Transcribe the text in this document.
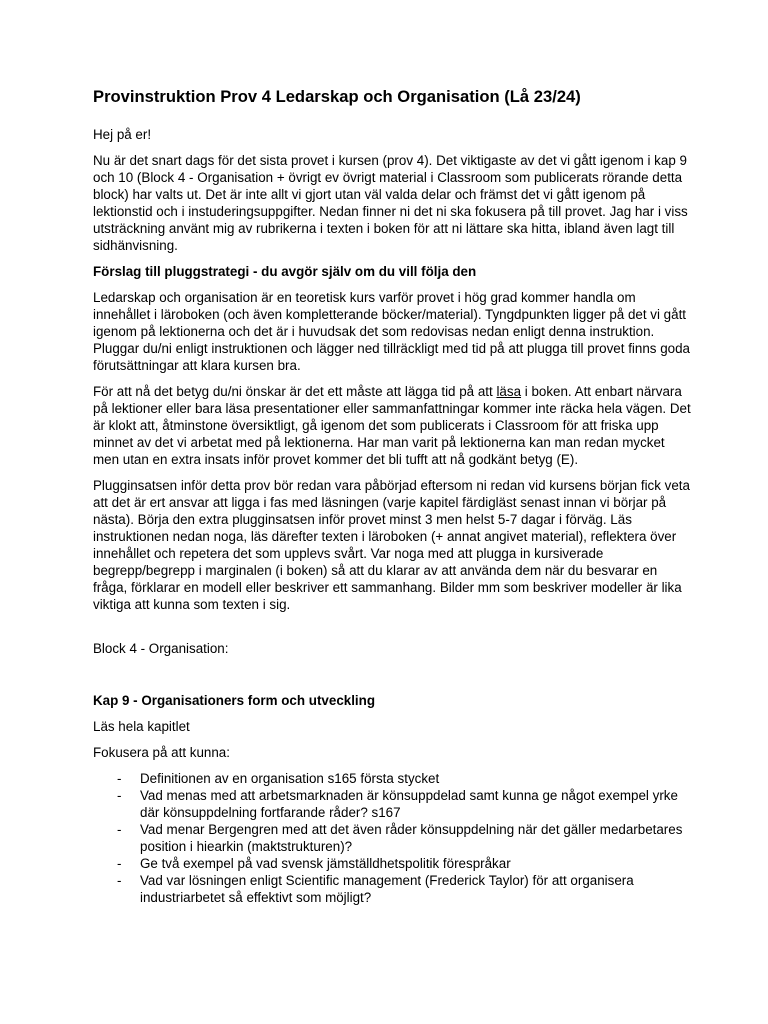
Provinstruktion Prov 4 Ledarskap och Organisation (Lå 23/24)

Hej på er!

Nu är det snart dags för det sista provet i kursen (prov 4). Det viktigaste av det vi gått igenom i kap 9 och 10 (Block 4 - Organisation + övrigt ev övrigt material i Classroom som publicerats rörande detta block) har valts ut. Det är inte allt vi gjort utan väl valda delar och främst det vi gått igenom på lektionstid och i instuderingsuppgifter. Nedan finner ni det ni ska fokusera på till provet. Jag har i viss utsträckning använt mig av rubrikerna i texten i boken för att ni lättare ska hitta, ibland även lagt till sidhänvisning.

Förslag till pluggstrategi - du avgör själv om du vill följa den

Ledarskap och organisation är en teoretisk kurs varför provet i hög grad kommer handla om innehållet i läroboken (och även kompletterande böcker/material). Tyngdpunkten ligger på det vi gått igenom på lektionerna och det är i huvudsak det som redovisas nedan enligt denna instruktion. Pluggar du/ni enligt instruktionen och lägger ned tillräckligt med tid på att plugga till provet finns goda förutsättningar att klara kursen bra.

För att nå det betyg du/ni önskar är det ett måste att lägga tid på att läsa i boken. Att enbart närvara på lektioner eller bara läsa presentationer eller sammanfattningar kommer inte räcka hela vägen. Det är klokt att, åtminstone översiktligt, gå igenom det som publicerats i Classroom för att friska upp minnet av det vi arbetat med på lektionerna. Har man varit på lektionerna kan man redan mycket men utan en extra insats inför provet kommer det bli tufft att nå godkänt betyg (E).

Plugginsatsen inför detta prov bör redan vara påbörjad eftersom ni redan vid kursens början fick veta att det är ert ansvar att ligga i fas med läsningen (varje kapitel färdigläst senast innan vi börjar på nästa). Börja den extra plugginsatsen inför provet minst 3 men helst 5-7 dagar i förväg. Läs instruktionen nedan noga, läs därefter texten i läroboken (+ annat angivet material), reflektera över innehållet och repetera det som upplevs svårt. Var noga med att plugga in kursiverade begrepp/begrepp i marginalen (i boken) så att du klarar av att använda dem när du besvarar en fråga, förklarar en modell eller beskriver ett sammanhang. Bilder mm som beskriver modeller är lika viktiga att kunna som texten i sig.

Block 4 - Organisation:

Kap 9 - Organisationers form och utveckling

Läs hela kapitlet

Fokusera på att kunna:

- Definitionen av en organisation s165 första stycket
- Vad menas med att arbetsmarknaden är könsuppdelad samt kunna ge något exempel yrke där könsuppdelning fortfarande råder? s167
- Vad menar Bergengren med att det även råder könsuppdelning när det gäller medarbetares position i hiearkin (maktstrukturen)?
- Ge två exempel på vad svensk jämställdhetspolitik förespråkar
- Vad var lösningen enligt Scientific management (Frederick Taylor) för att organisera industriarbetet så effektivt som möjligt?
